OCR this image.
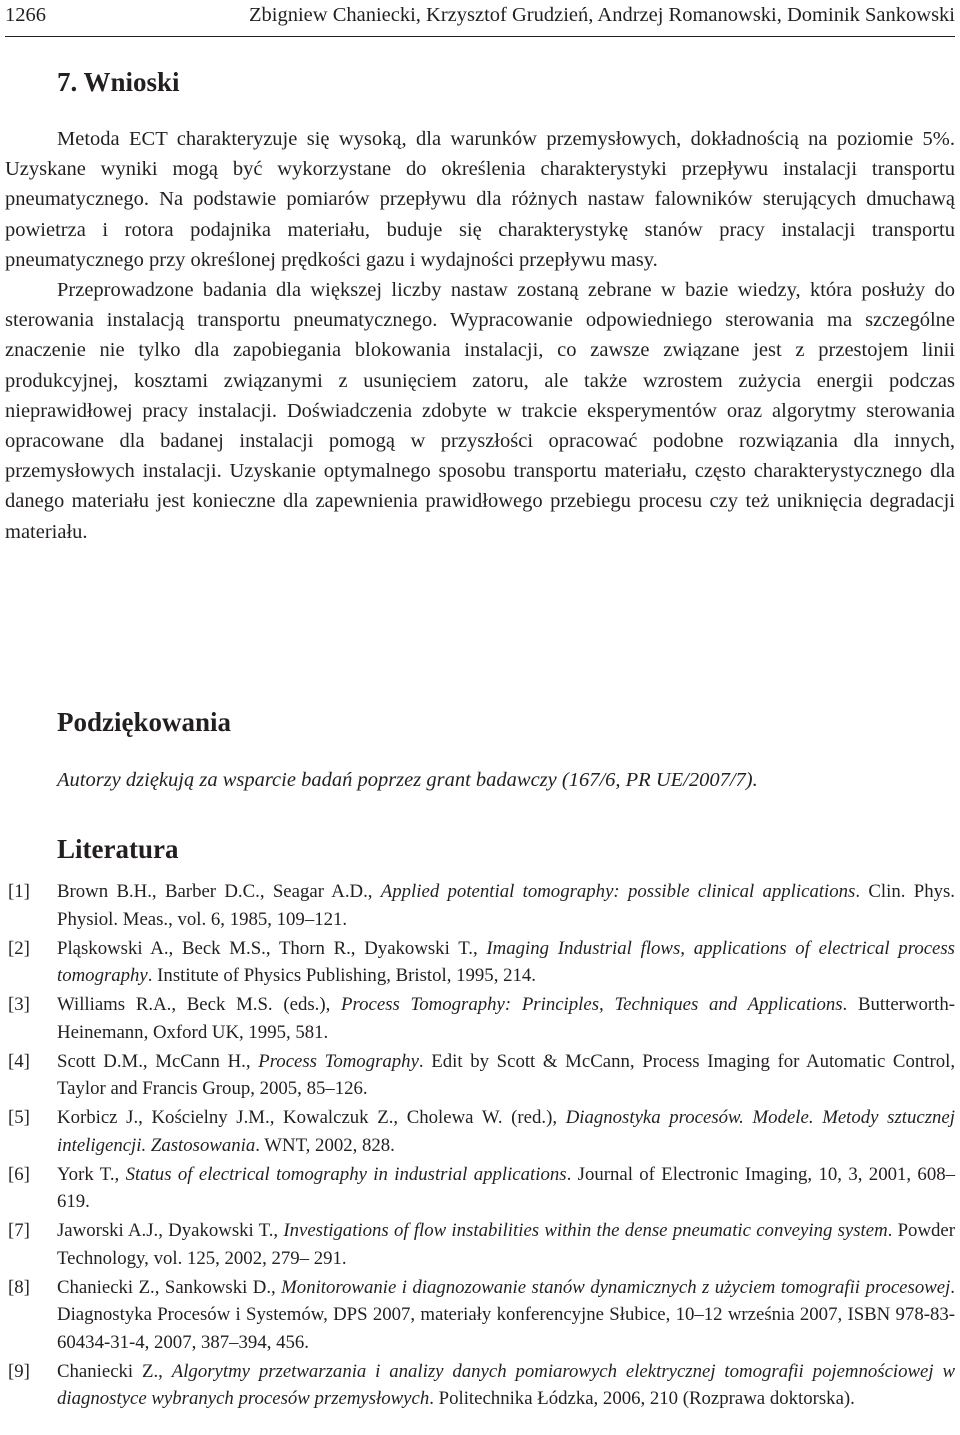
1266	Zbigniew Chaniecki, Krzysztof Grudzień, Andrzej Romanowski, Dominik Sankowski
7. Wnioski

Metoda ECT charakteryzuje się wysoką, dla warunków przemysłowych, dokładnością na poziomie 5%. Uzyskane wyniki mogą być wykorzystane do określenia charakterystyki przepływu instalacji transportu pneumatycznego. Na podstawie pomiarów przepływu dla różnych nastaw falowników sterujących dmuchawą powietrza i rotora podajnika materiału, buduje się charakterystykę stanów pracy instalacji transportu pneumatycznego przy określonej prędkości gazu i wydajności przepływu masy.

Przeprowadzone badania dla większej liczby nastaw zostaną zebrane w bazie wiedzy, która posłuży do sterowania instalacją transportu pneumatycznego. Wypracowanie odpowiedniego sterowania ma szczególne znaczenie nie tylko dla zapobiegania blokowania instalacji, co zawsze związane jest z przestojem linii produkcyjnej, kosztami związanymi z usunięciem zatoru, ale także wzrostem zużycia energii podczas nieprawidłowej pracy instalacji. Doświadczenia zdobyte w trakcie eksperymentów oraz algorytmy sterowania opracowane dla badanej instalacji pomogą w przyszłości opracować podobne rozwiązania dla innych, przemysłowych instalacji. Uzyskanie optymalnego sposobu transportu materiału, często charakterystycznego dla danego materiału jest konieczne dla zapewnienia prawidłowego przebiegu procesu czy też uniknięcia degradacji materiału.

Podziękowania

Autorzy dziękują za wsparcie badań poprzez grant badawczy (167/6, PR UE/2007/7).

Literatura
[1] Brown B.H., Barber D.C., Seagar A.D., Applied potential tomography: possible clinical applications. Clin. Phys. Physiol. Meas., vol. 6, 1985, 109–121.
[2] Pląskowski A., Beck M.S., Thorn R., Dyakowski T., Imaging Industrial flows, applications of electrical process tomography. Institute of Physics Publishing, Bristol, 1995, 214.
[3] Williams R.A., Beck M.S. (eds.), Process Tomography: Principles, Techniques and Applications. Butterworth-Heinemann, Oxford UK, 1995, 581.
[4] Scott D.M., McCann H., Process Tomography. Edit by Scott & McCann, Process Imaging for Automatic Control, Taylor and Francis Group, 2005, 85–126.
[5] Korbicz J., Kościelny J.M., Kowalczuk Z., Cholewa W. (red.), Diagnostyka procesów. Modele. Metody sztucznej inteligencji. Zastosowania. WNT, 2002, 828.
[6] York T., Status of electrical tomography in industrial applications. Journal of Electronic Imaging, 10, 3, 2001, 608–619.
[7] Jaworski A.J., Dyakowski T., Investigations of flow instabilities within the dense pneumatic conveying system. Powder Technology, vol. 125, 2002, 279– 291.
[8] Chaniecki Z., Sankowski D., Monitorowanie i diagnozowanie stanów dynamicznych z użyciem tomografii procesowej. Diagnostyka Procesów i Systemów, DPS 2007, materiały konferencyjne Słubice, 10–12 września 2007, ISBN 978-83-60434-31-4, 2007, 387–394, 456.
[9] Chaniecki Z., Algorytmy przetwarzania i analizy danych pomiarowych elektrycznej tomografii pojemnościowej w diagnostyce wybranych procesów przemysłowych. Politechnika Łódzka, 2006, 210 (Rozprawa doktorska).
